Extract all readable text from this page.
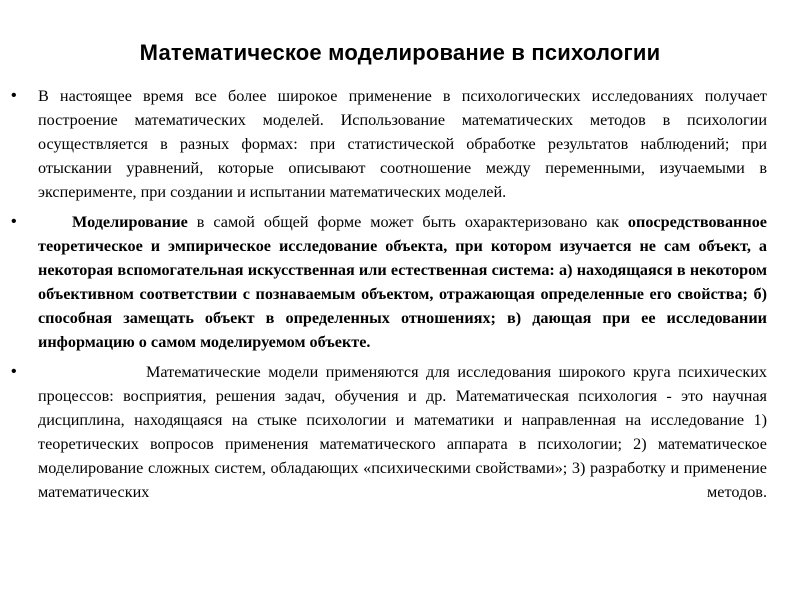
Математическое моделирование в психологии
• В настоящее время все более широкое применение в психологических исследованиях получает построение математических моделей. Использование математических методов в психологии осуществляется в разных формах: при статистической обработке результатов наблюдений; при отыскании уравнений, которые описывают соотношение между переменными, изучаемыми в эксперименте, при создании и испытании математических моделей.

•	Моделирование в самой общей форме может быть охарактеризовано как опосредствованное теоретическое и эмпирическое исследование объекта, при котором изучается не сам объект, а некоторая вспомогательная искусственная или естественная система: а) находящаяся в некотором объективном соответствии с познаваемым объектом, отражающая определенные его свойства; б) способная замещать объект в определенных отношениях; в) дающая при ее исследовании информацию о самом моделируемом объекте.

•	Математические модели применяются для исследования широкого круга психических процессов: восприятия, решения задач, обучения и др. Математическая психология - это научная дисциплина, находящаяся на стыке психологии и математики и направленная на исследование 1) теоретических вопросов применения математического аппарата в психологии; 2) математическое моделирование сложных систем, обладающих «психическими свойствами»; 3) разработку и применение математических методов.
